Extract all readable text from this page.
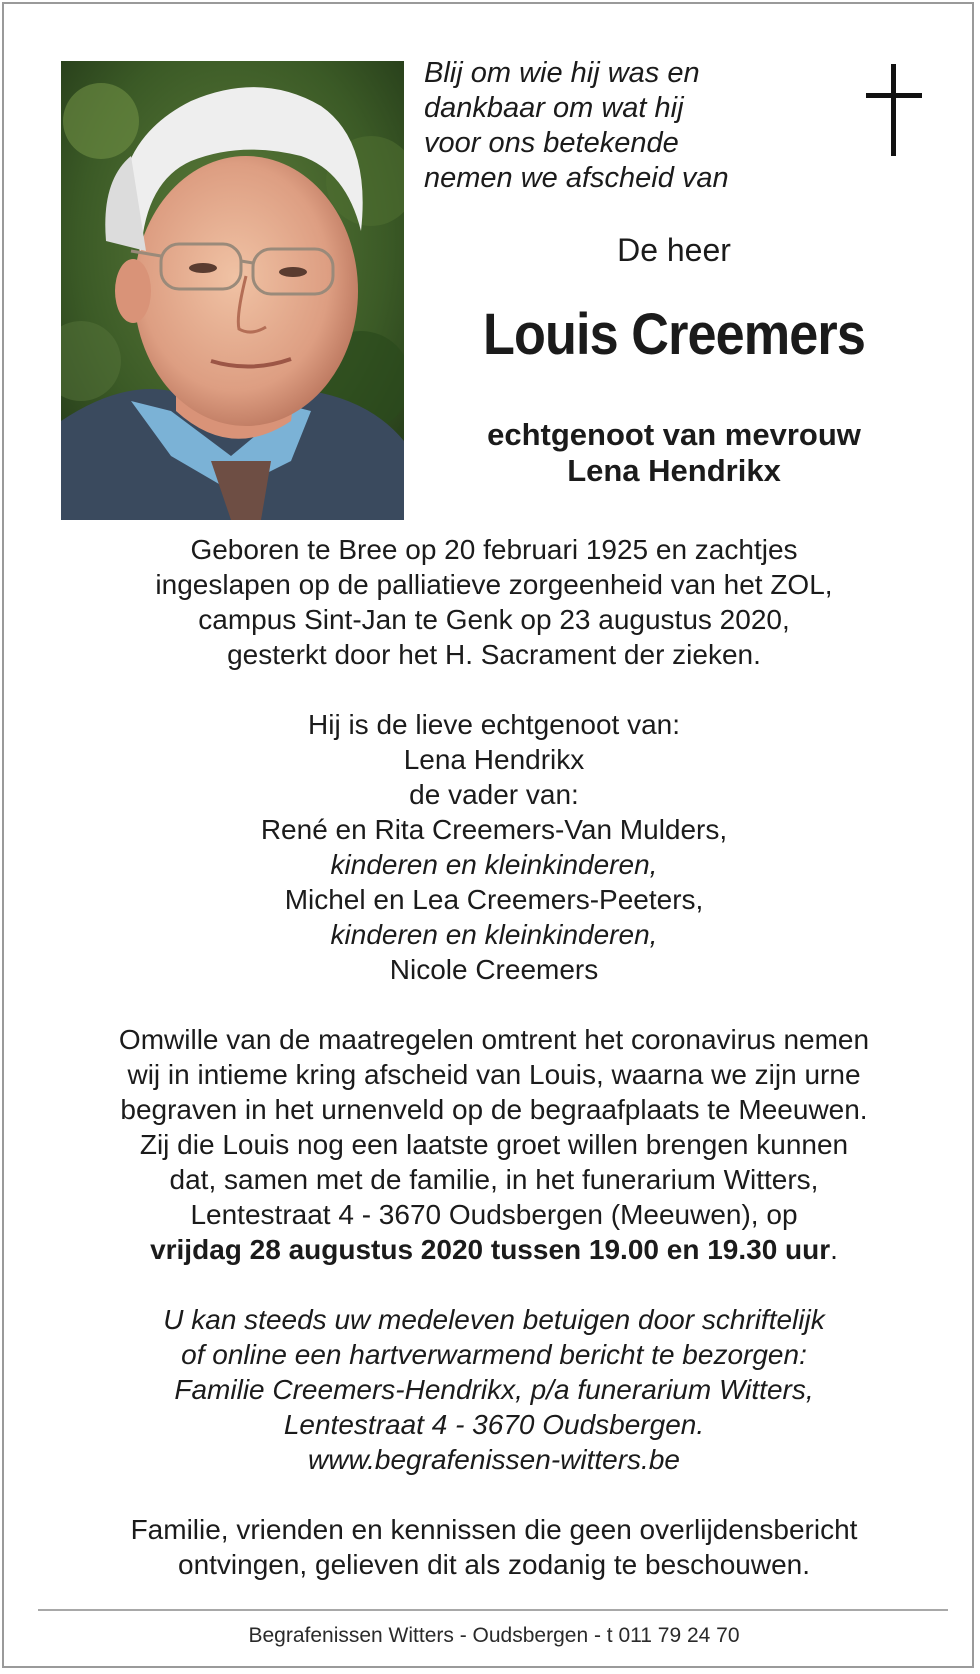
Blij om wie hij was en
dankbaar om wat hij
voor ons betekende
nemen we afscheid van
De heer
Louis Creemers
echtgenoot van mevrouw
Lena Hendrikx
Geboren te Bree op 20 februari 1925 en zachtjes
ingeslapen op de palliatieve zorgeenheid van het ZOL,
campus Sint-Jan te Genk op 23 augustus 2020,
gesterkt door het H. Sacrament der zieken.
Hij is de lieve echtgenoot van:
Lena Hendrikx
de vader van:
René en Rita Creemers-Van Mulders,
kinderen en kleinkinderen,
Michel en Lea Creemers-Peeters,
kinderen en kleinkinderen,
Nicole Creemers
Omwille van de maatregelen omtrent het coronavirus nemen
wij in intieme kring afscheid van Louis, waarna we zijn urne
begraven in het urnenveld op de begraafplaats te Meeuwen.
Zij die Louis nog een laatste groet willen brengen kunnen
dat, samen met de familie, in het funerarium Witters,
Lentestraat 4 - 3670 Oudsbergen (Meeuwen), op
vrijdag 28 augustus 2020 tussen 19.00 en 19.30 uur.
U kan steeds uw medeleven betuigen door schriftelijk
of online een hartverwarmend bericht te bezorgen:
Familie Creemers-Hendrikx, p/a funerarium Witters,
Lentestraat 4 - 3670 Oudsbergen.
www.begrafenissen-witters.be
Familie, vrienden en kennissen die geen overlijdensbericht
ontvingen, gelieven dit als zodanig te beschouwen.
Begrafenissen Witters - Oudsbergen - t 011 79 24 70
